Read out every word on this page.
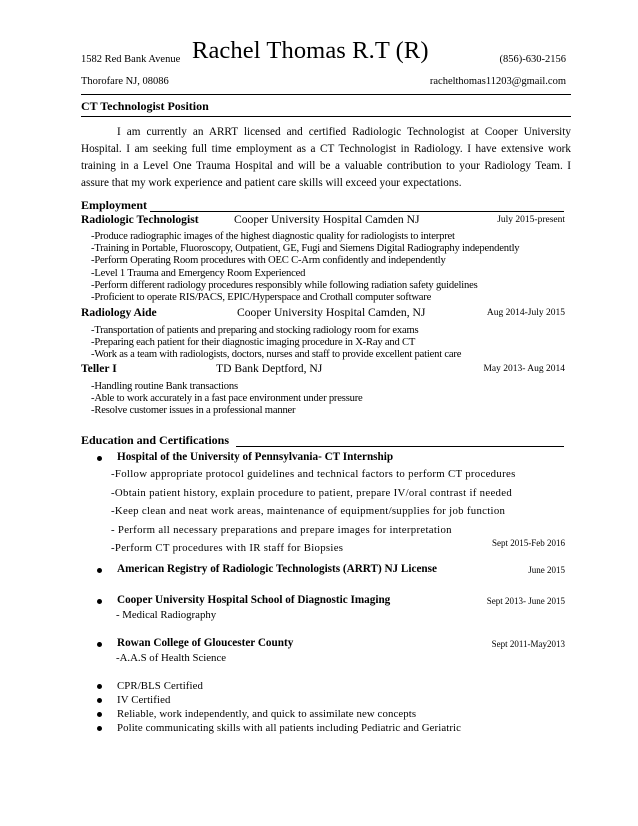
1582 Red Bank Avenue
Thorofare NJ, 08086
Rachel Thomas R.T (R)	(856)-630-2156
rachelthomas11203@gmail.com
CT Technologist Position
I am currently an ARRT licensed and certified Radiologic Technologist at Cooper University Hospital. I am seeking full time employment as a CT Technologist in Radiology. I have extensive work training in a Level One Trauma Hospital and will be a valuable contribution to your Radiology Team. I assure that my work experience and patient care skills will exceed your expectations.
Employment
Radiologic Technologist	Cooper University Hospital Camden NJ	July 2015-present
-Produce radiographic images of the highest diagnostic quality for radiologists to interpret
-Training in Portable, Fluoroscopy, Outpatient, GE, Fugi and Siemens Digital Radiography independently
-Perform Operating Room procedures with OEC C-Arm confidently and independently
-Level 1 Trauma and Emergency Room Experienced
-Perform different radiology procedures responsibly while following radiation safety guidelines
-Proficient to operate RIS/PACS, EPIC/Hyperspace and Crothall computer software
Radiology Aide	Cooper University Hospital Camden, NJ	Aug 2014-July 2015
-Transportation of patients and preparing and stocking radiology room for exams
-Preparing each patient for their diagnostic imaging procedure in X-Ray and CT
-Work as a team with radiologists, doctors, nurses and staff to provide excellent patient care
Teller I	TD Bank Deptford, NJ	May 2013- Aug 2014
-Handling routine Bank transactions
-Able to work accurately in a fast pace environment under pressure
-Resolve customer issues in a professional manner
Education and Certifications
Hospital of the University of Pennsylvania- CT Internship
-Follow appropriate protocol guidelines and technical factors to perform CT procedures
-Obtain patient history, explain procedure to patient, prepare IV/oral contrast if needed
-Keep clean and neat work areas, maintenance of equipment/supplies for job function
- Perform all necessary preparations and prepare images for interpretation
-Perform CT procedures with IR staff for Biopsies	Sept 2015-Feb 2016
American Registry of Radiologic Technologists (ARRT) NJ License	June 2015
Cooper University Hospital School of Diagnostic Imaging	Sept 2013- June 2015
- Medical Radiography
Rowan College of Gloucester County	Sept 2011-May2013
-A.A.S of Health Science
CPR/BLS Certified
IV Certified
Reliable, work independently, and quick to assimilate new concepts
Polite communicating skills with all patients including Pediatric and Geriatric
